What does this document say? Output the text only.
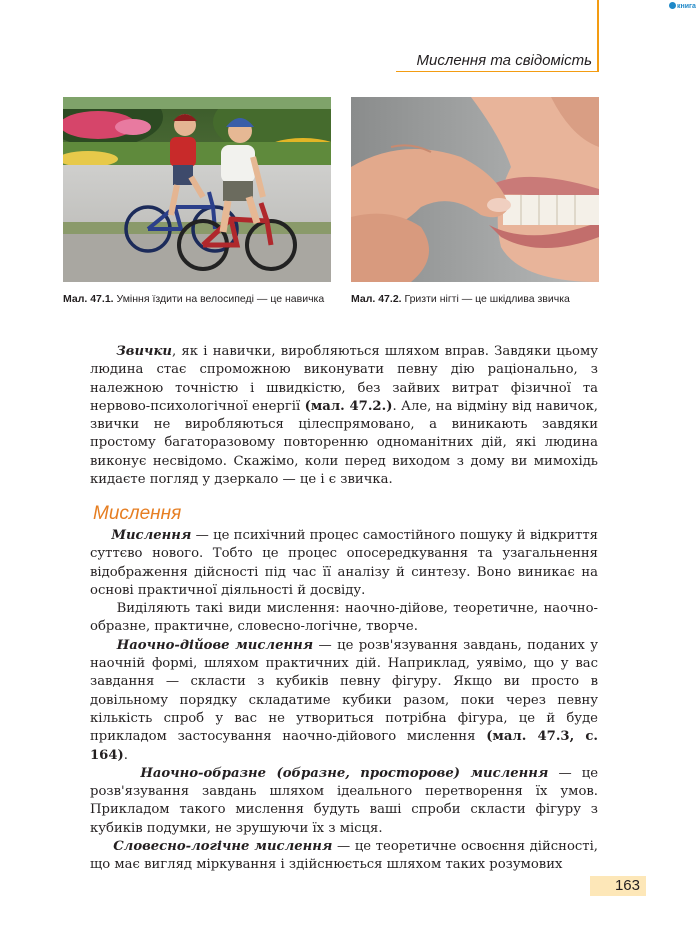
книга
Мислення та свідомість
Мал. 47.1. Уміння їздити на велосипеді — це навичка	Мал. 47.2. Гризти нігті — це шкідлива звичка

Звички, як і навички, виробляються шляхом вправ. Завдяки цьому людина стає спроможною виконувати певну дію раціонально, з належною точністю і швидкістю, без зайвих витрат фізичної та нервово-психологічної енергії (мал. 47.2.). Але, на відміну від навичок, звички не виробляються цілеспрямовано, а виникають завдяки простому багаторазовому повторенню одноманітних дій, які людина виконує несвідомо. Скажімо, коли перед виходом з дому ви мимохідь кидаєте погляд у дзеркало — це і є звичка.

Мислення

Мислення — це психічний процес самостійного пошуку й відкриття суттєво нового. Тобто це процес опосередкування та узагальнення відображення дійсності під час її аналізу й синтезу. Воно виникає на основі практичної діяльності й досвіду.

Виділяють такі види мислення: наочно-дійове, теоретичне, наочно-образне, практичне, словесно-логічне, творче.

Наочно-дійове мислення — це розв'язування завдань, поданих у наочній формі, шляхом практичних дій. Наприклад, уявімо, що у вас завдання — скласти з кубиків певну фігуру. Якщо ви просто в довільному порядку складатиме кубики разом, поки через певну кількість спроб у вас не утвориться потрібна фігура, це й буде прикладом застосування наочно-дійового мислення (мал. 47.3, с. 164).

Наочно-образне (образне, просторове) мислення — це розв'язування завдань шляхом ідеального перетворення їх умов. Прикладом такого мислення будуть ваші спроби скласти фігуру з кубиків подумки, не зрушуючи їх з місця.

Словесно-логічне мислення — це теоретичне освоєння дійсності, що має вигляд міркування і здійснюється шляхом таких розумових

163
